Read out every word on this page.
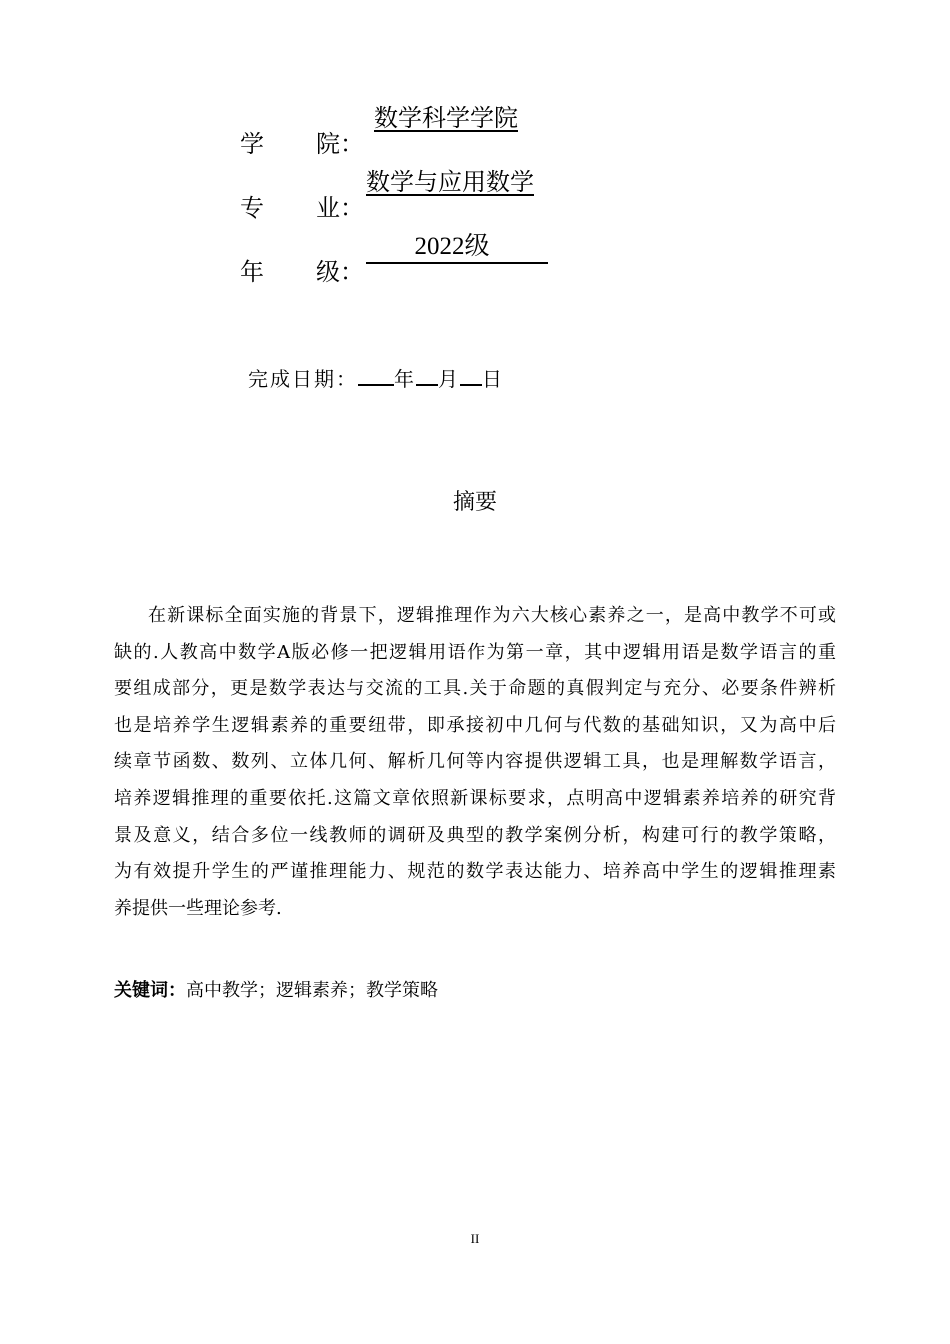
学 院：
数学科学学院
专 业：
数学与应用数学
年 级：
2022级
完成日期： 年 月 日
摘要
在新课标全面实施的背景下，逻辑推理作为六大核心素养之一，是高中教学不可或
缺的.人教高中数学A版必修一把逻辑用语作为第一章，其中逻辑用语是数学语言的重
要组成部分，更是数学表达与交流的工具.关于命题的真假判定与充分、必要条件辨析
也是培养学生逻辑素养的重要纽带，即承接初中几何与代数的基础知识，又为高中后
续章节函数、数列、立体几何、解析几何等内容提供逻辑工具，也是理解数学语言，
培养逻辑推理的重要依托.这篇文章依照新课标要求，点明高中逻辑素养培养的研究背
景及意义，结合多位一线教师的调研及典型的教学案例分析，构建可行的教学策略，
为有效提升学生的严谨推理能力、规范的数学表达能力、培养高中学生的逻辑推理素
养提供一些理论参考.
关键词：高中教学；逻辑素养；教学策略
II
